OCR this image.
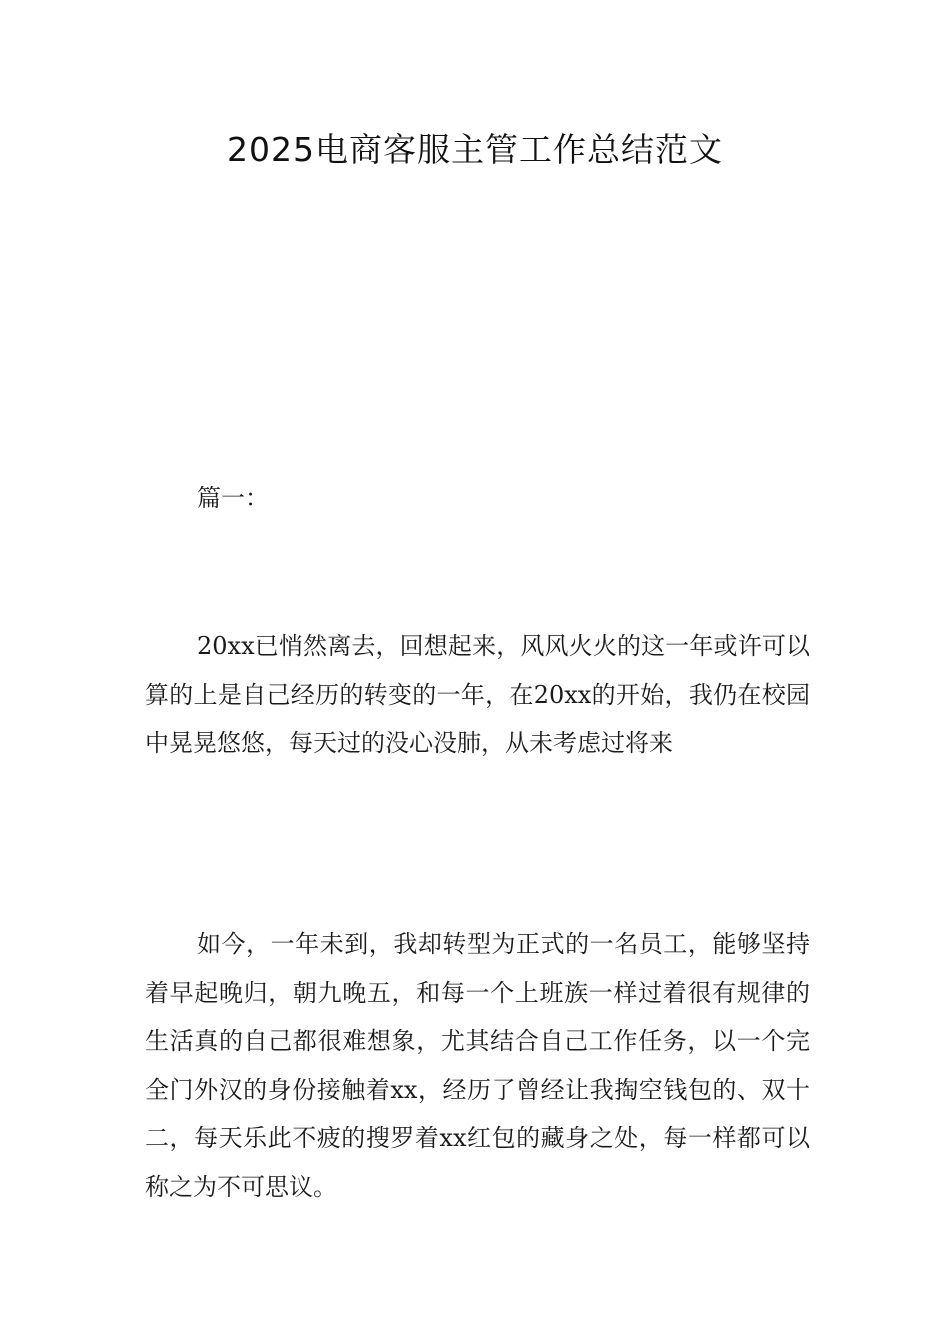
2025电商客服主管工作总结范文
篇一：

20xx已悄然离去，回想起来，风风火火的这一年或许可以算的上是自己经历的转变的一年，在20xx的开始，我仍在校园中晃晃悠悠，每天过的没心没肺，从未考虑过将来

如今，一年未到，我却转型为正式的一名员工，能够坚持着早起晚归，朝九晚五，和每一个上班族一样过着很有规律的生活真的自己都很难想象，尤其结合自己工作任务，以一个完全门外汉的身份接触着xx，经历了曾经让我掏空钱包的、双十二，每天乐此不疲的搜罗着xx红包的藏身之处，每一样都可以称之为不可思议。
